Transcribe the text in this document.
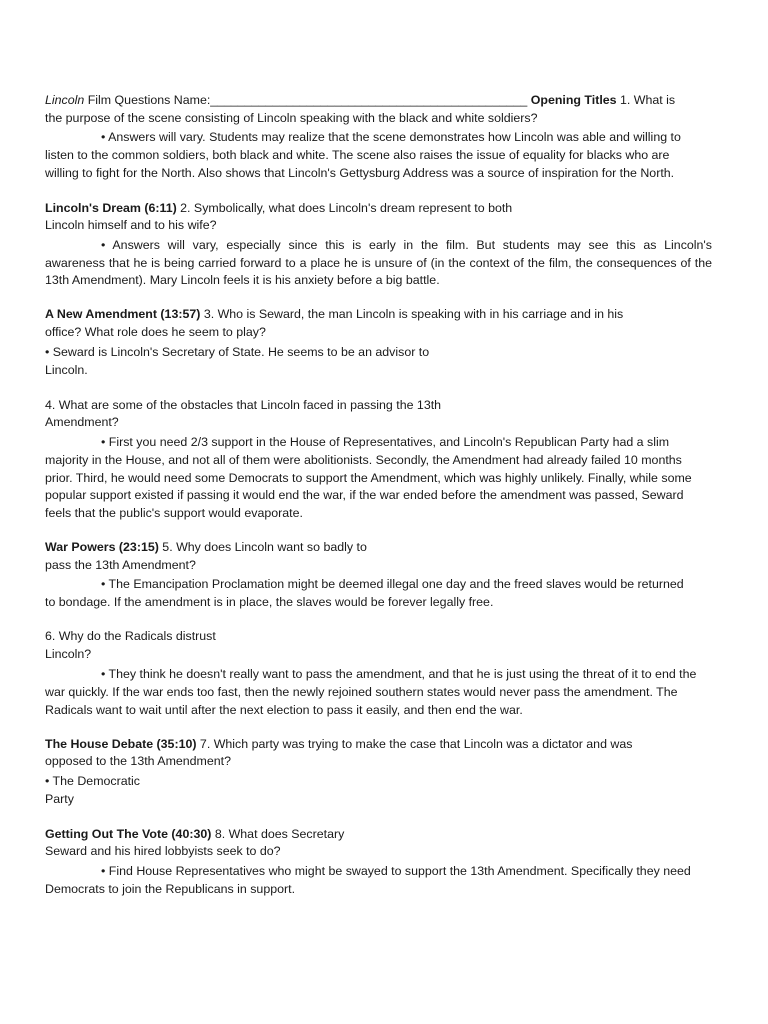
Lincoln Film Questions Name:______________________________________________ Opening Titles 1. What is
the purpose of the scene consisting of Lincoln speaking with the black and white soldiers?
• Answers will vary. Students may realize that the scene demonstrates how Lincoln was able and willing to
listen to the common soldiers, both black and white. The scene also raises the issue of equality for blacks who are
willing to fight for the North. Also shows that Lincoln's Gettysburg Address was a source of inspiration for the North.
Lincoln's Dream (6:11) 2. Symbolically, what does Lincoln's dream represent to both
Lincoln himself and to his wife?
• Answers will vary, especially since this is early in the film. But students may see this as Lincoln's
awareness that he is being carried forward to a place he is unsure of (in the context of the film, the consequences of the
13th Amendment). Mary Lincoln feels it is his anxiety before a big battle.
A New Amendment (13:57) 3. Who is Seward, the man Lincoln is speaking with in his carriage and in his
office? What role does he seem to play?
• Seward is Lincoln's Secretary of State. He seems to be an advisor to
Lincoln.
4. What are some of the obstacles that Lincoln faced in passing the 13th
Amendment?
• First you need 2/3 support in the House of Representatives, and Lincoln's Republican Party had a slim
majority in the House, and not all of them were abolitionists. Secondly, the Amendment had already failed 10 months
prior. Third, he would need some Democrats to support the Amendment, which was highly unlikely. Finally, while some
popular support existed if passing it would end the war, if the war ended before the amendment was passed, Seward
feels that the public's support would evaporate.
War Powers (23:15) 5. Why does Lincoln want so badly to
pass the 13th Amendment?
• The Emancipation Proclamation might be deemed illegal one day and the freed slaves would be returned
to bondage. If the amendment is in place, the slaves would be forever legally free.
6. Why do the Radicals distrust
Lincoln?
• They think he doesn't really want to pass the amendment, and that he is just using the threat of it to end the
war quickly. If the war ends too fast, then the newly rejoined southern states would never pass the amendment. The
Radicals want to wait until after the next election to pass it easily, and then end the war.
The House Debate (35:10) 7. Which party was trying to make the case that Lincoln was a dictator and was
opposed to the 13th Amendment?
• The Democratic
Party
Getting Out The Vote (40:30) 8. What does Secretary
Seward and his hired lobbyists seek to do?
• Find House Representatives who might be swayed to support the 13th Amendment. Specifically they need
Democrats to join the Republicans in support.
